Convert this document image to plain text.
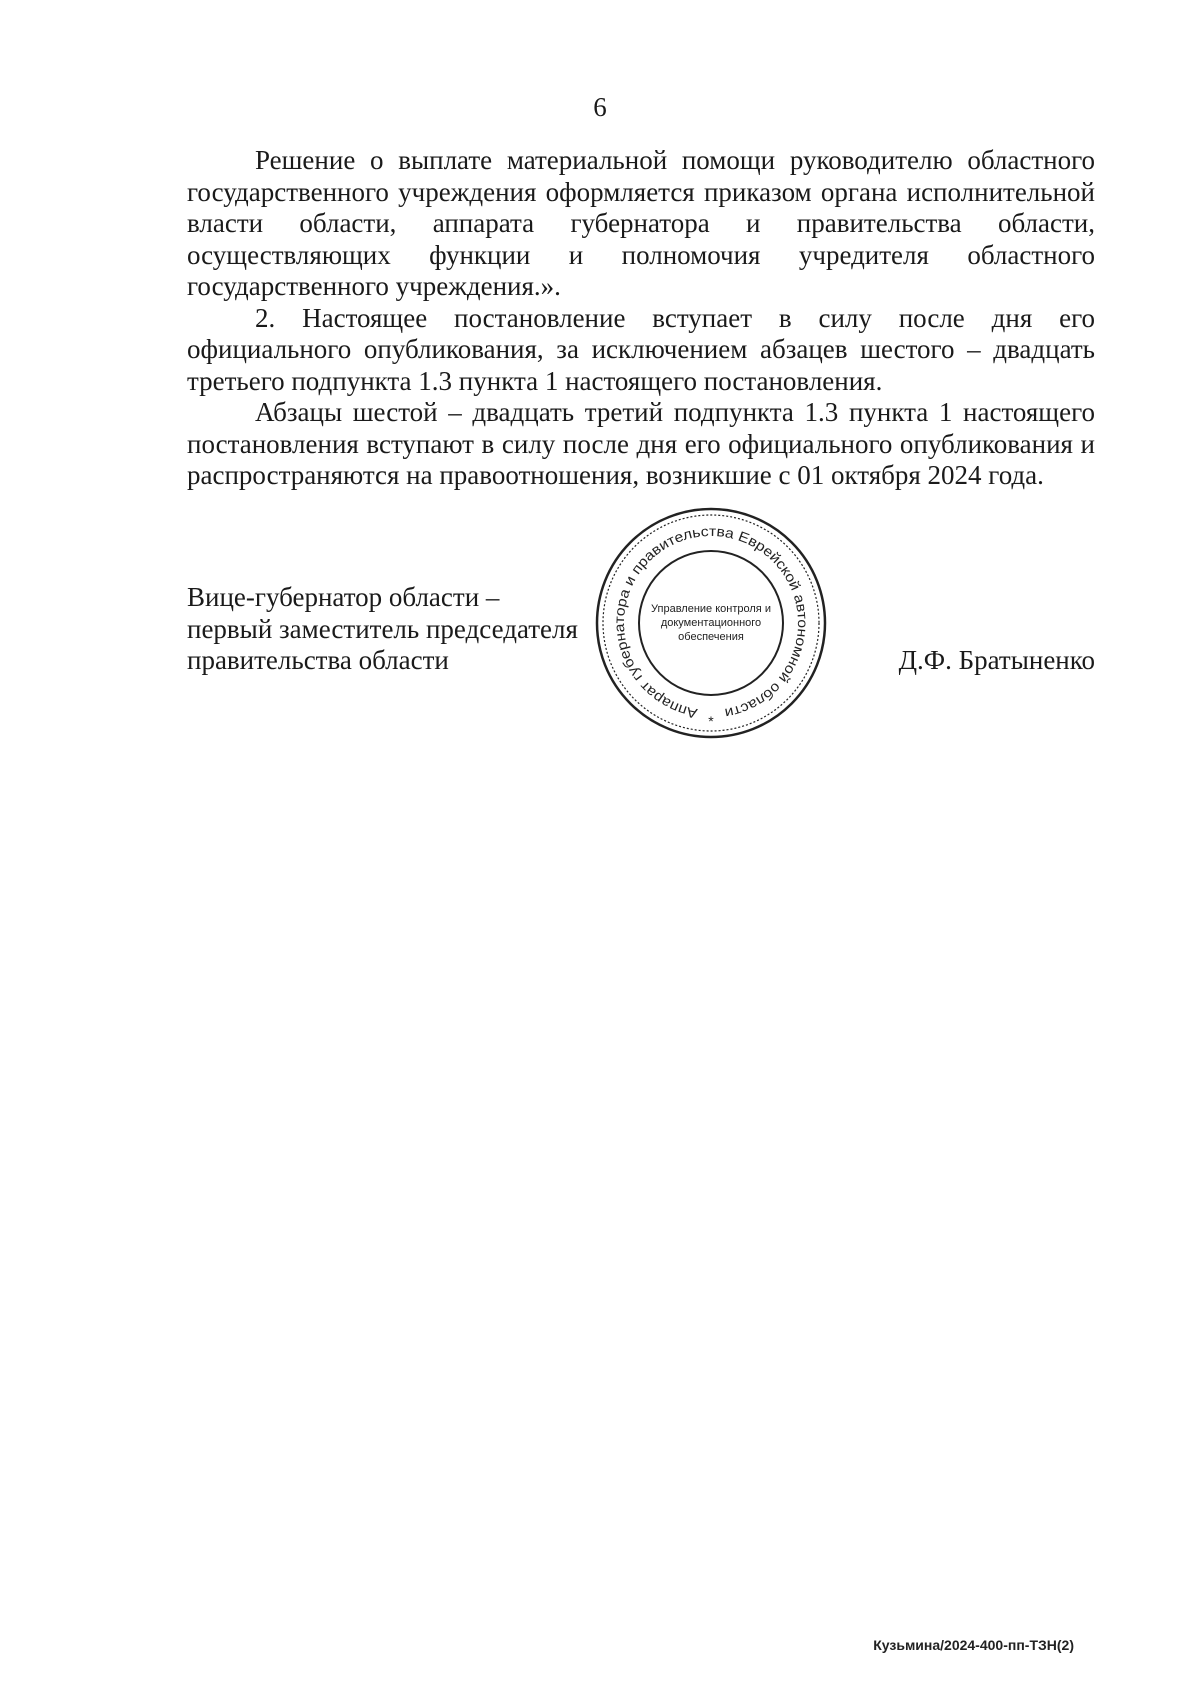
6

Решение о выплате материальной помощи руководителю областного государственного учреждения оформляется приказом органа исполнительной власти области, аппарата губернатора и правительства области, осуществляющих функции и полномочия учредителя областного государственного учреждения.».

2. Настоящее постановление вступает в силу после дня его официального опубликования, за исключением абзацев шестого – двадцать третьего подпункта 1.3 пункта 1 настоящего постановления.

Абзацы шестой – двадцать третий подпункта 1.3 пункта 1 настоящего постановления вступают в силу после дня его официального опубликования и распространяются на правоотношения, возникшие с 01 октября 2024 года.

Вице-губернатор области –
первый заместитель председателя
правительства области	Д.Ф. Братыненко
Аппарат губернатора и правительства Еврейской автономной области
Управление контроля и
документационного
обеспечения
*
Кузьмина/2024-400-пп-ТЗН(2)
